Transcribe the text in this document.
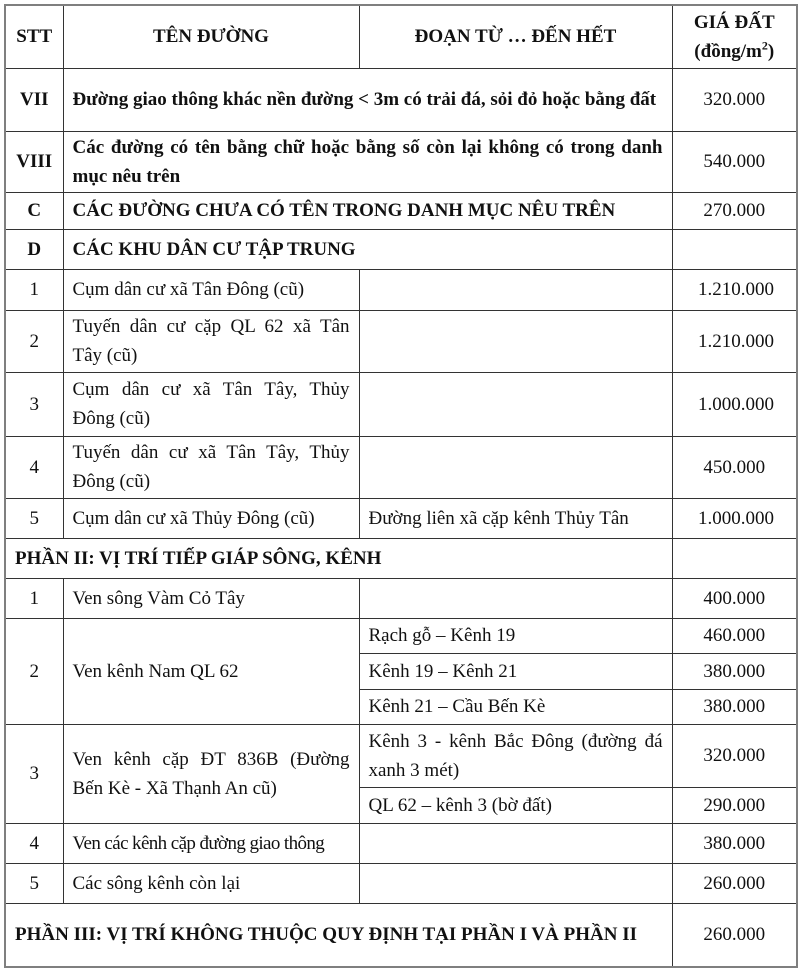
STT	TÊN ĐƯỜNG	ĐOẠN TỪ … ĐẾN HẾT	GIÁ ĐẤT
$(đồng/m^2)$
VII	Đường giao thông khác nền đường < 3m có trải đá, sỏi đỏ hoặc bằng đất		320.000
VIII	Các đường có tên bằng chữ hoặc bằng số còn lại không có trong danh mục nêu trên		540.000
C	CÁC ĐƯỜNG CHƯA CÓ TÊN TRONG DANH MỤC NÊU TRÊN		270.000
D	CÁC KHU DÂN CƯ TẬP TRUNG		
1	Cụm dân cư xã Tân Đông (cũ)		1.210.000
2	Tuyến dân cư cặp QL 62 xã Tân Tây (cũ)		1.210.000
3	Cụm dân cư xã Tân Tây, Thủy Đông (cũ)		1.000.000
4	Tuyến dân cư xã Tân Tây, Thủy Đông (cũ)		450.000
5	Cụm dân cư xã Thủy Đông (cũ)	Đường liên xã cặp kênh Thủy Tân	1.000.000
PHẦN II: VỊ TRÍ TIẾP GIÁP SÔNG, KÊNH			
1	Ven sông Vàm Cỏ Tây		400.000
2	Ven kênh Nam QL 62	Rạch gỗ – Kênh 19	460.000
		Kênh 19 – Kênh 21	380.000
		Kênh 21 – Cầu Bến Kè	380.000
3	Ven kênh cặp ĐT 836B (Đường Bến Kè - Xã Thạnh An cũ)	Kênh 3 - kênh Bắc Đông (đường đá xanh 3 mét)	320.000
		QL 62 – kênh 3 (bờ đất)	290.000
4	Ven các kênh cặp đường giao thông		380.000
5	Các sông kênh còn lại		260.000
PHẦN III: VỊ TRÍ KHÔNG THUỘC QUY ĐỊNH TẠI PHẦN I VÀ PHẦN II			260.000
